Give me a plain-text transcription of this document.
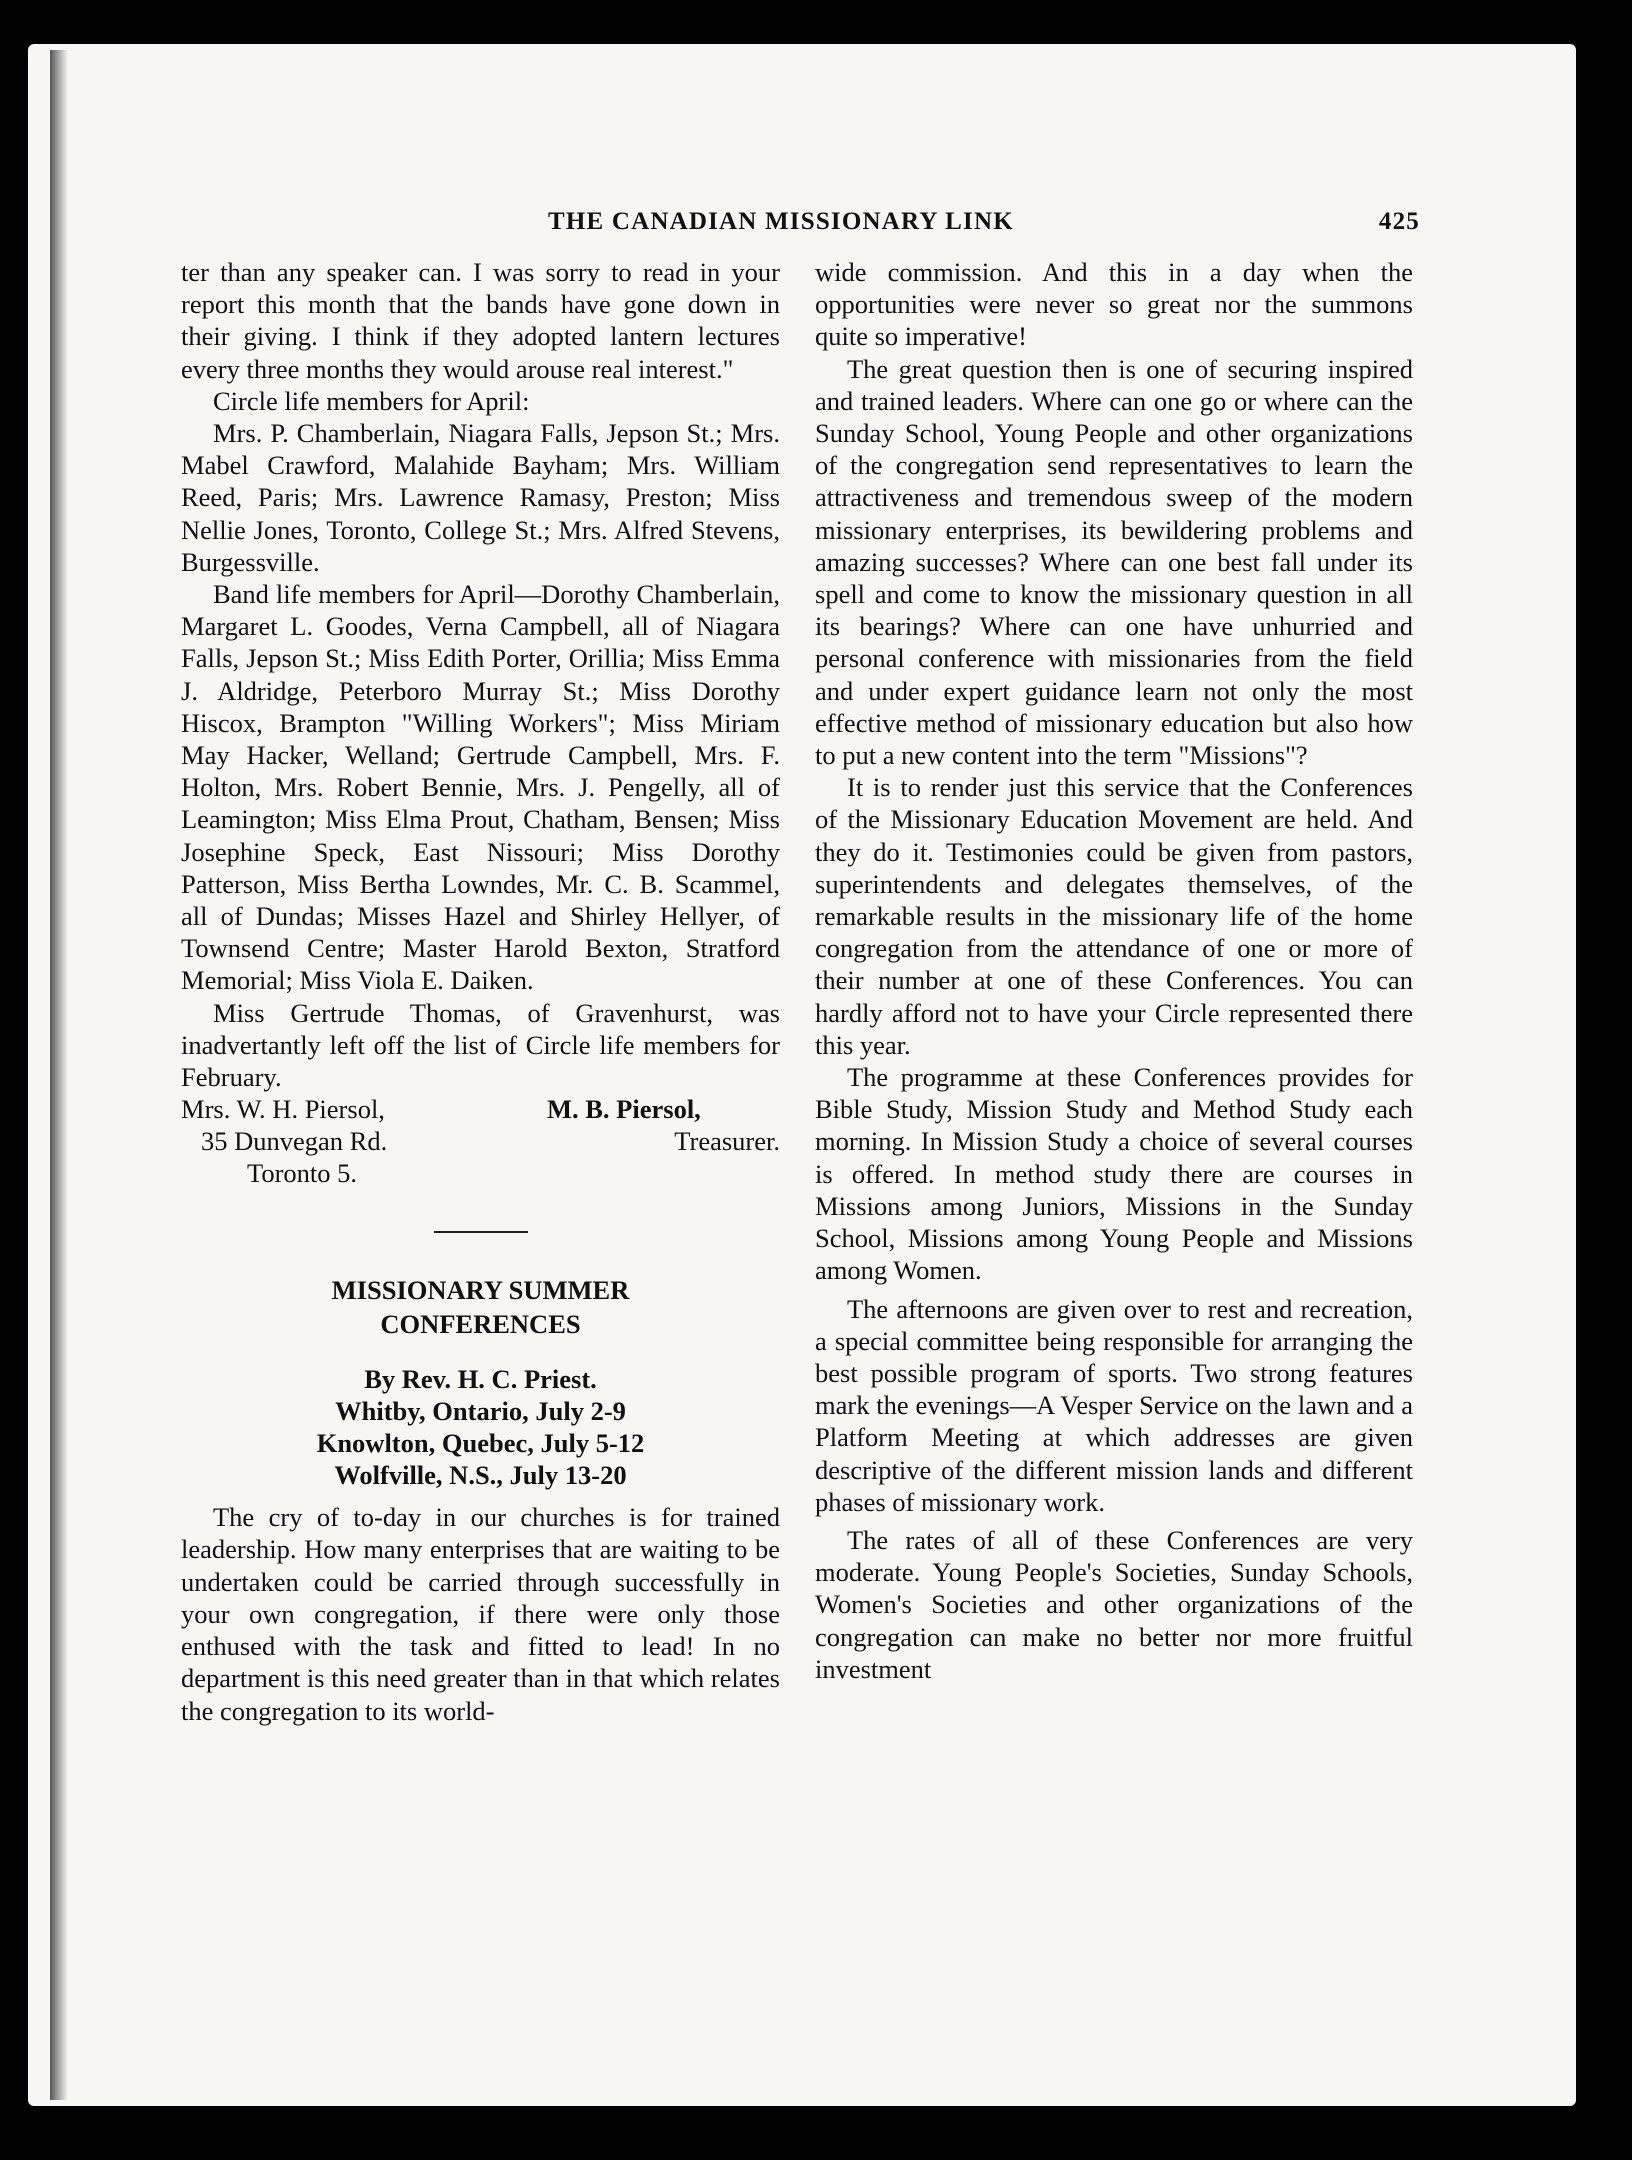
THE CANADIAN MISSIONARY LINK	425

ter than any speaker can. I was sorry to read in your report this month that the bands have gone down in their giving. I think if they adopted lantern lectures every three months they would arouse real interest."

Circle life members for April:

Mrs. P. Chamberlain, Niagara Falls, Jepson St.; Mrs. Mabel Crawford, Malahide Bayham; Mrs. William Reed, Paris; Mrs. Lawrence Ramasy, Preston; Miss Nellie Jones, Toronto, College St.; Mrs. Alfred Stevens, Burgessville.

Band life members for April—Dorothy Chamberlain, Margaret L. Goodes, Verna Campbell, all of Niagara Falls, Jepson St.; Miss Edith Porter, Orillia; Miss Emma J. Aldridge, Peterboro Murray St.; Miss Dorothy Hiscox, Brampton "Willing Workers"; Miss Miriam May Hacker, Welland; Gertrude Campbell, Mrs. F. Holton, Mrs. Robert Bennie, Mrs. J. Pengelly, all of Leamington; Miss Elma Prout, Chatham, Bensen; Miss Josephine Speck, East Nissouri; Miss Dorothy Patterson, Miss Bertha Lowndes, Mr. C. B. Scammel, all of Dundas; Misses Hazel and Shirley Hellyer, of Townsend Centre; Master Harold Bexton, Stratford Memorial; Miss Viola E. Daiken.

Miss Gertrude Thomas, of Gravenhurst, was inadvertantly left off the list of Circle life members for February.

Mrs. W. H. Piersol,
35 Dunvegan Rd.
Toronto 5.
M. B. Piersol,
Treasurer.
MISSIONARY SUMMER
CONFERENCES
By Rev. H. C. Priest.
Whitby, Ontario, July 2-9
Knowlton, Quebec, July 5-12
Wolfville, N.S., July 13-20

The cry of to-day in our churches is for trained leadership. How many enterprises that are waiting to be undertaken could be carried through successfully in your own congregation, if there were only those enthused with the task and fitted to lead! In no department is this need greater than in that which relates the congregation to its world-

wide commission. And this in a day when the opportunities were never so great nor the summons quite so imperative!

The great question then is one of securing inspired and trained leaders. Where can one go or where can the Sunday School, Young People and other organizations of the congregation send representatives to learn the attractiveness and tremendous sweep of the modern missionary enterprises, its bewildering problems and amazing successes? Where can one best fall under its spell and come to know the missionary question in all its bearings? Where can one have unhurried and personal conference with missionaries from the field and under expert guidance learn not only the most effective method of missionary education but also how to put a new content into the term "Missions"?

It is to render just this service that the Conferences of the Missionary Education Movement are held. And they do it. Testimonies could be given from pastors, superintendents and delegates themselves, of the remarkable results in the missionary life of the home congregation from the attendance of one or more of their number at one of these Conferences. You can hardly afford not to have your Circle represented there this year.

The programme at these Conferences provides for Bible Study, Mission Study and Method Study each morning. In Mission Study a choice of several courses is offered. In method study there are courses in Missions among Juniors, Missions in the Sunday School, Missions among Young People and Missions among Women.

The afternoons are given over to rest and recreation, a special committee being responsible for arranging the best possible program of sports. Two strong features mark the evenings—A Vesper Service on the lawn and a Platform Meeting at which addresses are given descriptive of the different mission lands and different phases of missionary work.

The rates of all of these Conferences are very moderate. Young People's Societies, Sunday Schools, Women's Societies and other organizations of the congregation can make no better nor more fruitful investment
